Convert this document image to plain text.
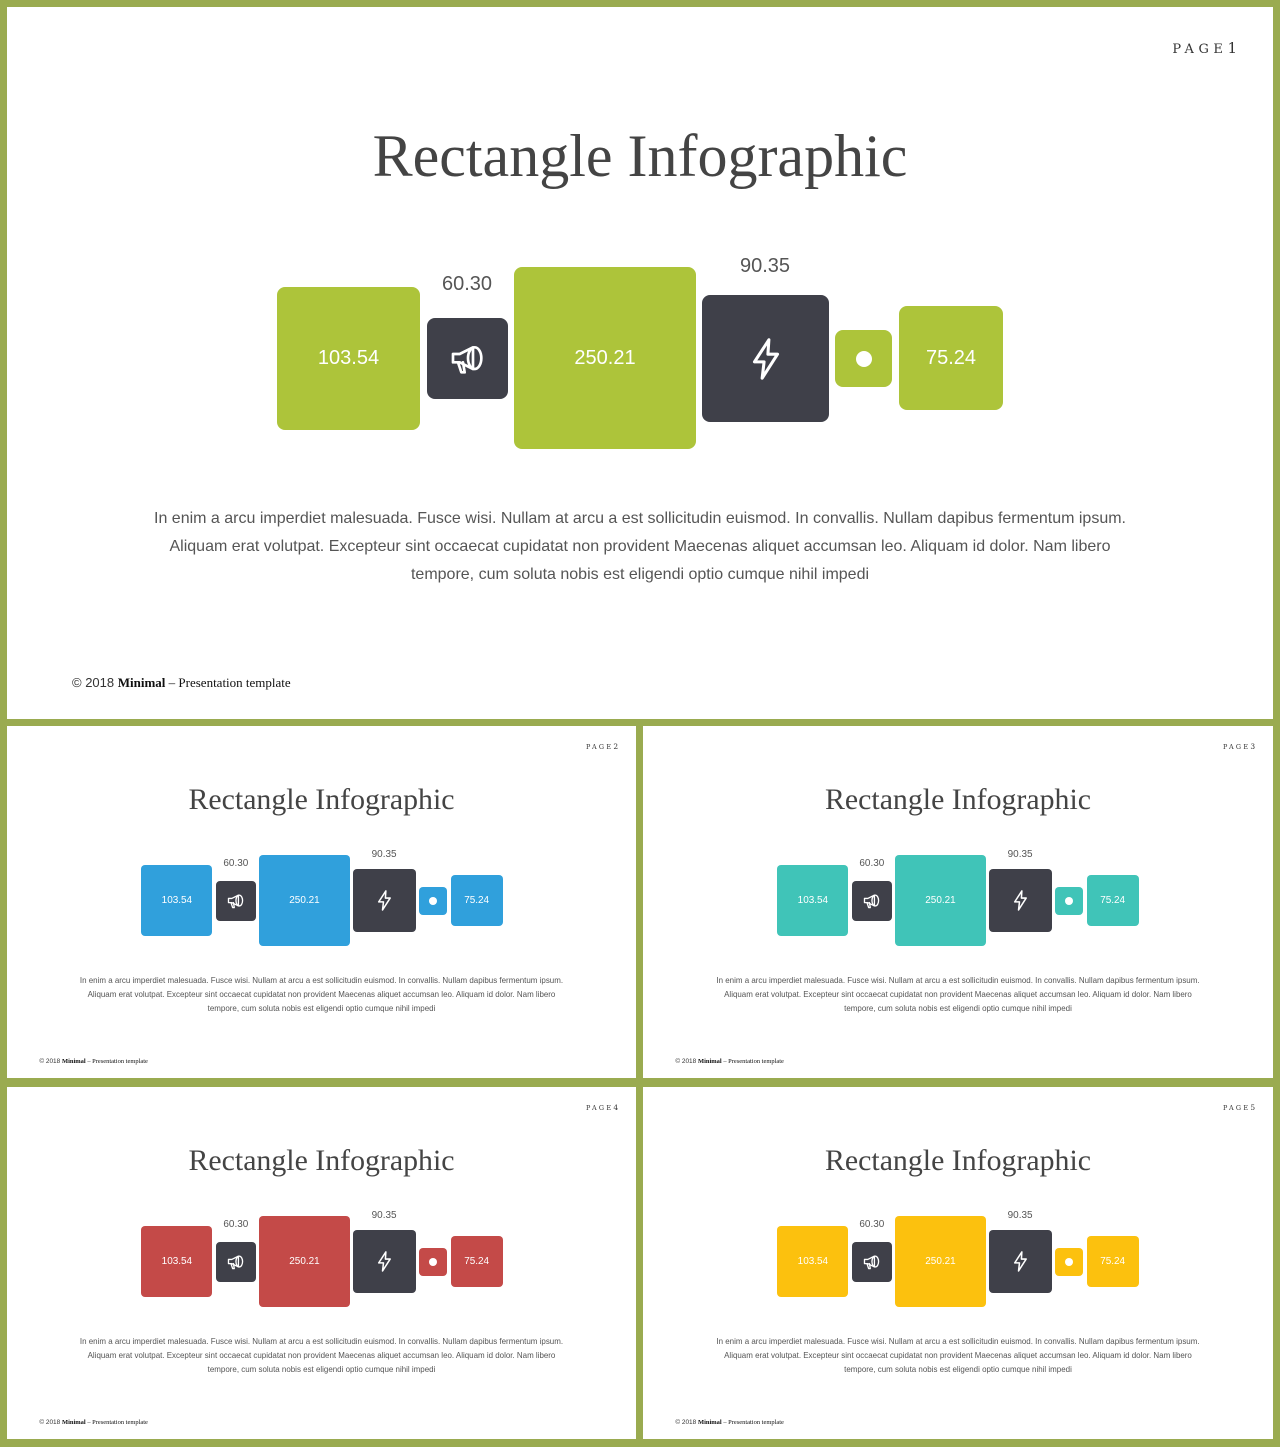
PAGE1
Rectangle Infographic
103.54	250.21	75.24
60.30
90.35

In enim a arcu imperdiet malesuada. Fusce wisi. Nullam at arcu a est sollicitudin euismod. In convallis. Nullam dapibus fermentum ipsum.

Aliquam erat volutpat. Excepteur sint occaecat cupidatat non provident Maecenas aliquet accumsan leo. Aliquam id dolor. Nam libero

tempore, cum soluta nobis est eligendi optio cumque nihil impedi

© 2018 Minimal – Presentation template
PAGE2
Rectangle Infographic
103.54	250.21	75.24
60.30
90.35

In enim a arcu imperdiet malesuada. Fusce wisi. Nullam at arcu a est sollicitudin euismod. In convallis. Nullam dapibus fermentum ipsum.

Aliquam erat volutpat. Excepteur sint occaecat cupidatat non provident Maecenas aliquet accumsan leo. Aliquam id dolor. Nam libero

tempore, cum soluta nobis est eligendi optio cumque nihil impedi

© 2018 Minimal – Presentation template
PAGE3
Rectangle Infographic
103.54	250.21	75.24
60.30
90.35

In enim a arcu imperdiet malesuada. Fusce wisi. Nullam at arcu a est sollicitudin euismod. In convallis. Nullam dapibus fermentum ipsum.

Aliquam erat volutpat. Excepteur sint occaecat cupidatat non provident Maecenas aliquet accumsan leo. Aliquam id dolor. Nam libero

tempore, cum soluta nobis est eligendi optio cumque nihil impedi

© 2018 Minimal – Presentation template
PAGE4
Rectangle Infographic
103.54	250.21	75.24
60.30
90.35

In enim a arcu imperdiet malesuada. Fusce wisi. Nullam at arcu a est sollicitudin euismod. In convallis. Nullam dapibus fermentum ipsum.

Aliquam erat volutpat. Excepteur sint occaecat cupidatat non provident Maecenas aliquet accumsan leo. Aliquam id dolor. Nam libero

tempore, cum soluta nobis est eligendi optio cumque nihil impedi

© 2018 Minimal – Presentation template
PAGE5
Rectangle Infographic
103.54	250.21	75.24
60.30
90.35

In enim a arcu imperdiet malesuada. Fusce wisi. Nullam at arcu a est sollicitudin euismod. In convallis. Nullam dapibus fermentum ipsum.

Aliquam erat volutpat. Excepteur sint occaecat cupidatat non provident Maecenas aliquet accumsan leo. Aliquam id dolor. Nam libero

tempore, cum soluta nobis est eligendi optio cumque nihil impedi

© 2018 Minimal – Presentation template
